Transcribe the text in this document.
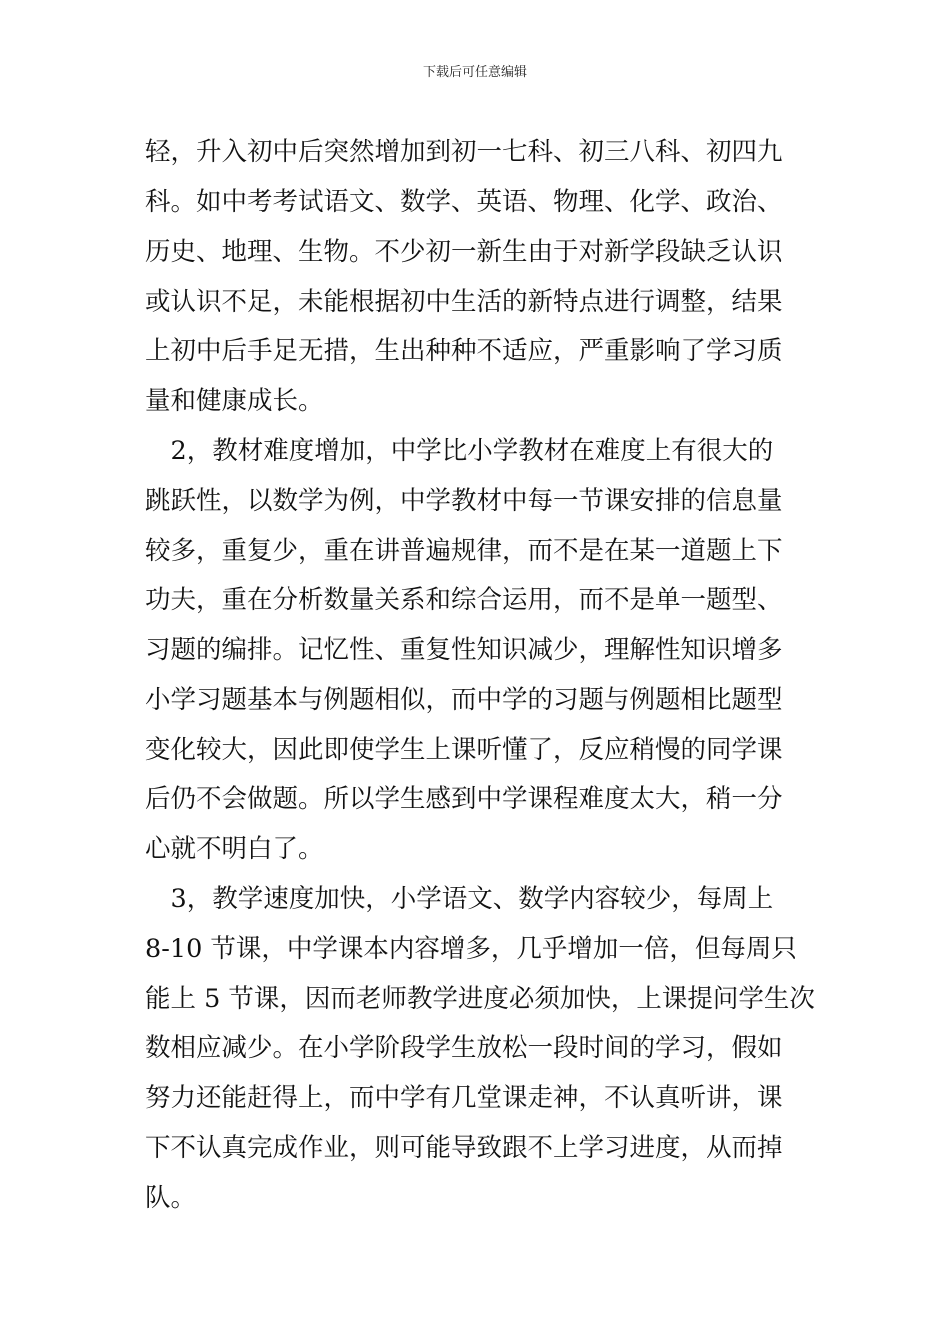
下载后可任意编辑
轻，升入初中后突然增加到初一七科、初三八科、初四九
科。如中考考试语文、数学、英语、物理、化学、政治、
历史、地理、生物。不少初一新生由于对新学段缺乏认识
或认识不足，未能根据初中生活的新特点进行调整，结果
上初中后手足无措，生出种种不适应，严重影响了学习质
量和健康成长。
　2，教材难度增加，中学比小学教材在难度上有很大的
跳跃性，以数学为例，中学教材中每一节课安排的信息量
较多，重复少，重在讲普遍规律，而不是在某一道题上下
功夫，重在分析数量关系和综合运用，而不是单一题型、
习题的编排。记忆性、重复性知识减少，理解性知识增多
小学习题基本与例题相似，而中学的习题与例题相比题型
变化较大，因此即使学生上课听懂了，反应稍慢的同学课
后仍不会做题。所以学生感到中学课程难度太大，稍一分
心就不明白了。
　3，教学速度加快，小学语文、数学内容较少，每周上
8-10 节课，中学课本内容增多，几乎增加一倍，但每周只
能上 5 节课，因而老师教学进度必须加快，上课提问学生次
数相应减少。在小学阶段学生放松一段时间的学习，假如
努力还能赶得上，而中学有几堂课走神，不认真听讲，课
下不认真完成作业，则可能导致跟不上学习进度，从而掉
队。
